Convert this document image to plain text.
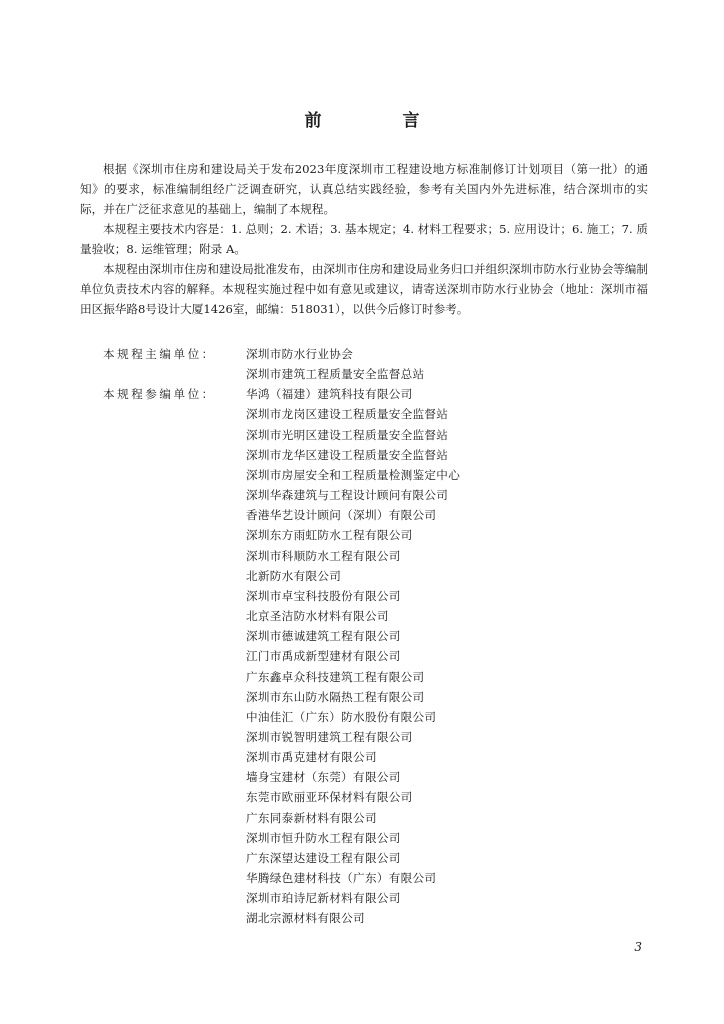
前　言

根据《深圳市住房和建设局关于发布2023年度深圳市工程建设地方标准制修订计划项目（第一批）的通知》的要求，标准编制组经广泛调查研究，认真总结实践经验，参考有关国内外先进标准，结合深圳市的实际，并在广泛征求意见的基础上，编制了本规程。

本规程主要技术内容是：1. 总则；2. 术语；3. 基本规定；4. 材料工程要求；5. 应用设计；6. 施工；7. 质量验收；8. 运维管理；附录 A。

本规程由深圳市住房和建设局批准发布，由深圳市住房和建设局业务归口并组织深圳市防水行业协会等编制单位负责技术内容的解释。本规程实施过程中如有意见或建议，请寄送深圳市防水行业协会（地址：深圳市福田区振华路8号设计大厦1426室，邮编：518031），以供今后修订时参考。

本规程主编单位：	深圳市防水行业协会
深圳市建筑工程质量安全监督总站
本规程参编单位：	华鸿（福建）建筑科技有限公司
深圳市龙岗区建设工程质量安全监督站
深圳市光明区建设工程质量安全监督站
深圳市龙华区建设工程质量安全监督站
深圳市房屋安全和工程质量检测鉴定中心
深圳华森建筑与工程设计顾问有限公司
香港华艺设计顾问（深圳）有限公司
深圳东方雨虹防水工程有限公司
深圳市科顺防水工程有限公司
北新防水有限公司
深圳市卓宝科技股份有限公司
北京圣洁防水材料有限公司
深圳市德诚建筑工程有限公司
江门市禹成新型建材有限公司
广东鑫卓众科技建筑工程有限公司
深圳市东山防水隔热工程有限公司
中油佳汇（广东）防水股份有限公司
深圳市锐智明建筑工程有限公司
深圳市禹克建材有限公司
墙身宝建材（东莞）有限公司
东莞市欧丽亚环保材料有限公司
广东同泰新材料有限公司
深圳市恒升防水工程有限公司
广东深望达建设工程有限公司
华腾绿色建材科技（广东）有限公司
深圳市珀诗尼新材料有限公司
湖北宗源材料有限公司
3
